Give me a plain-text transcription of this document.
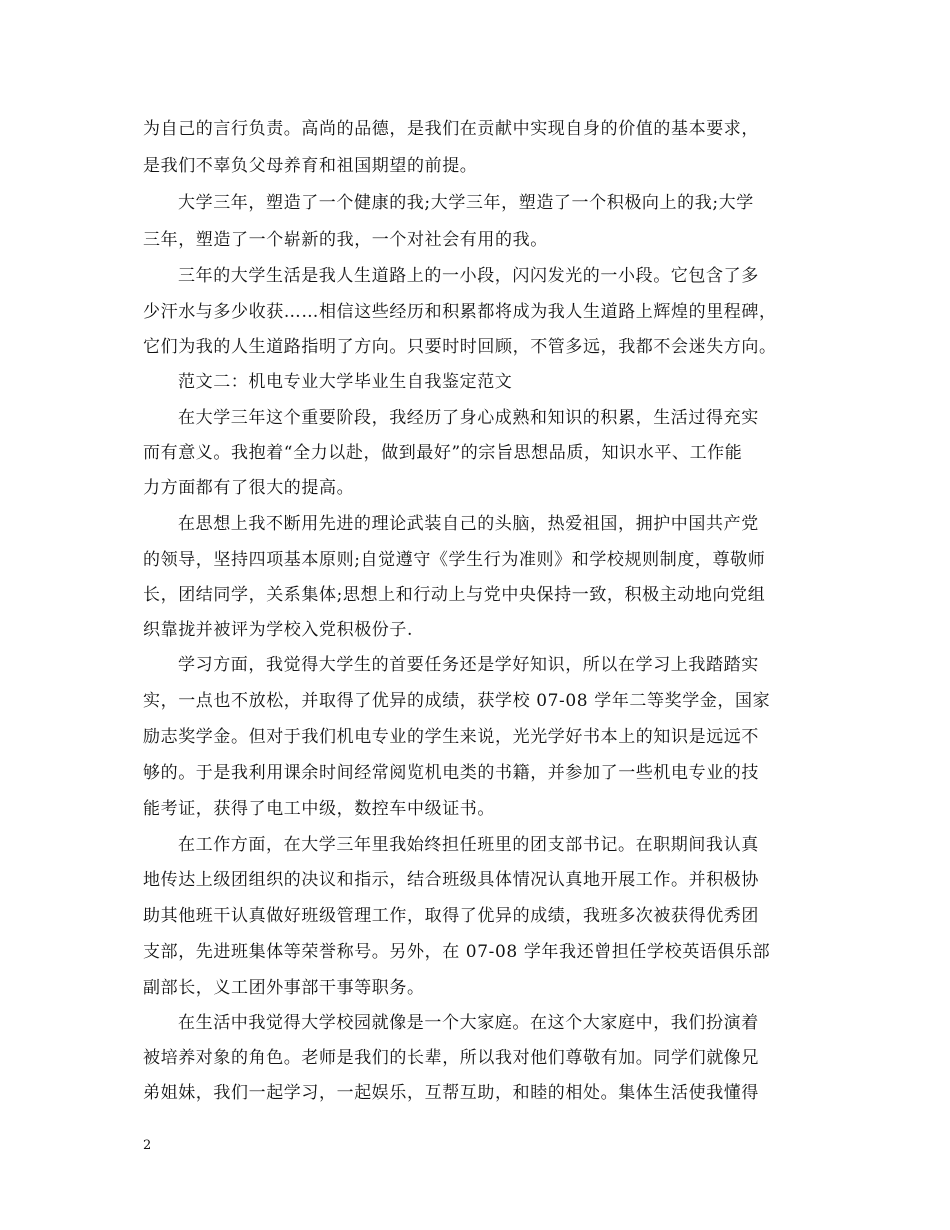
为自己的言行负责。高尚的品德，是我们在贡献中实现自身的价值的基本要求，
是我们不辜负父母养育和祖国期望的前提。
大学三年，塑造了一个健康的我;大学三年，塑造了一个积极向上的我;大学
三年，塑造了一个崭新的我，一个对社会有用的我。
三年的大学生活是我人生道路上的一小段，闪闪发光的一小段。它包含了多
少汗水与多少收获……相信这些经历和积累都将成为我人生道路上辉煌的里程碑，
它们为我的人生道路指明了方向。只要时时回顾，不管多远，我都不会迷失方向。
范文二：机电专业大学毕业生自我鉴定范文
在大学三年这个重要阶段，我经历了身心成熟和知识的积累，生活过得充实
而有意义。我抱着“全力以赴，做到最好”的宗旨思想品质，知识水平、工作能
力方面都有了很大的提高。
在思想上我不断用先进的理论武装自己的头脑，热爱祖国，拥护中国共产党
的领导，坚持四项基本原则;自觉遵守《学生行为准则》和学校规则制度，尊敬师
长，团结同学，关系集体;思想上和行动上与党中央保持一致，积极主动地向党组
织靠拢并被评为学校入党积极份子.
学习方面，我觉得大学生的首要任务还是学好知识，所以在学习上我踏踏实
实，一点也不放松，并取得了优异的成绩，获学校 07-08 学年二等奖学金，国家
励志奖学金。但对于我们机电专业的学生来说，光光学好书本上的知识是远远不
够的。于是我利用课余时间经常阅览机电类的书籍，并参加了一些机电专业的技
能考证，获得了电工中级，数控车中级证书。
在工作方面，在大学三年里我始终担任班里的团支部书记。在职期间我认真
地传达上级团组织的决议和指示，结合班级具体情况认真地开展工作。并积极协
助其他班干认真做好班级管理工作，取得了优异的成绩，我班多次被获得优秀团
支部，先进班集体等荣誉称号。另外，在 07-08 学年我还曾担任学校英语俱乐部
副部长，义工团外事部干事等职务。
在生活中我觉得大学校园就像是一个大家庭。在这个大家庭中，我们扮演着
被培养对象的角色。老师是我们的长辈，所以我对他们尊敬有加。同学们就像兄
弟姐妹，我们一起学习，一起娱乐，互帮互助，和睦的相处。集体生活使我懂得
2
